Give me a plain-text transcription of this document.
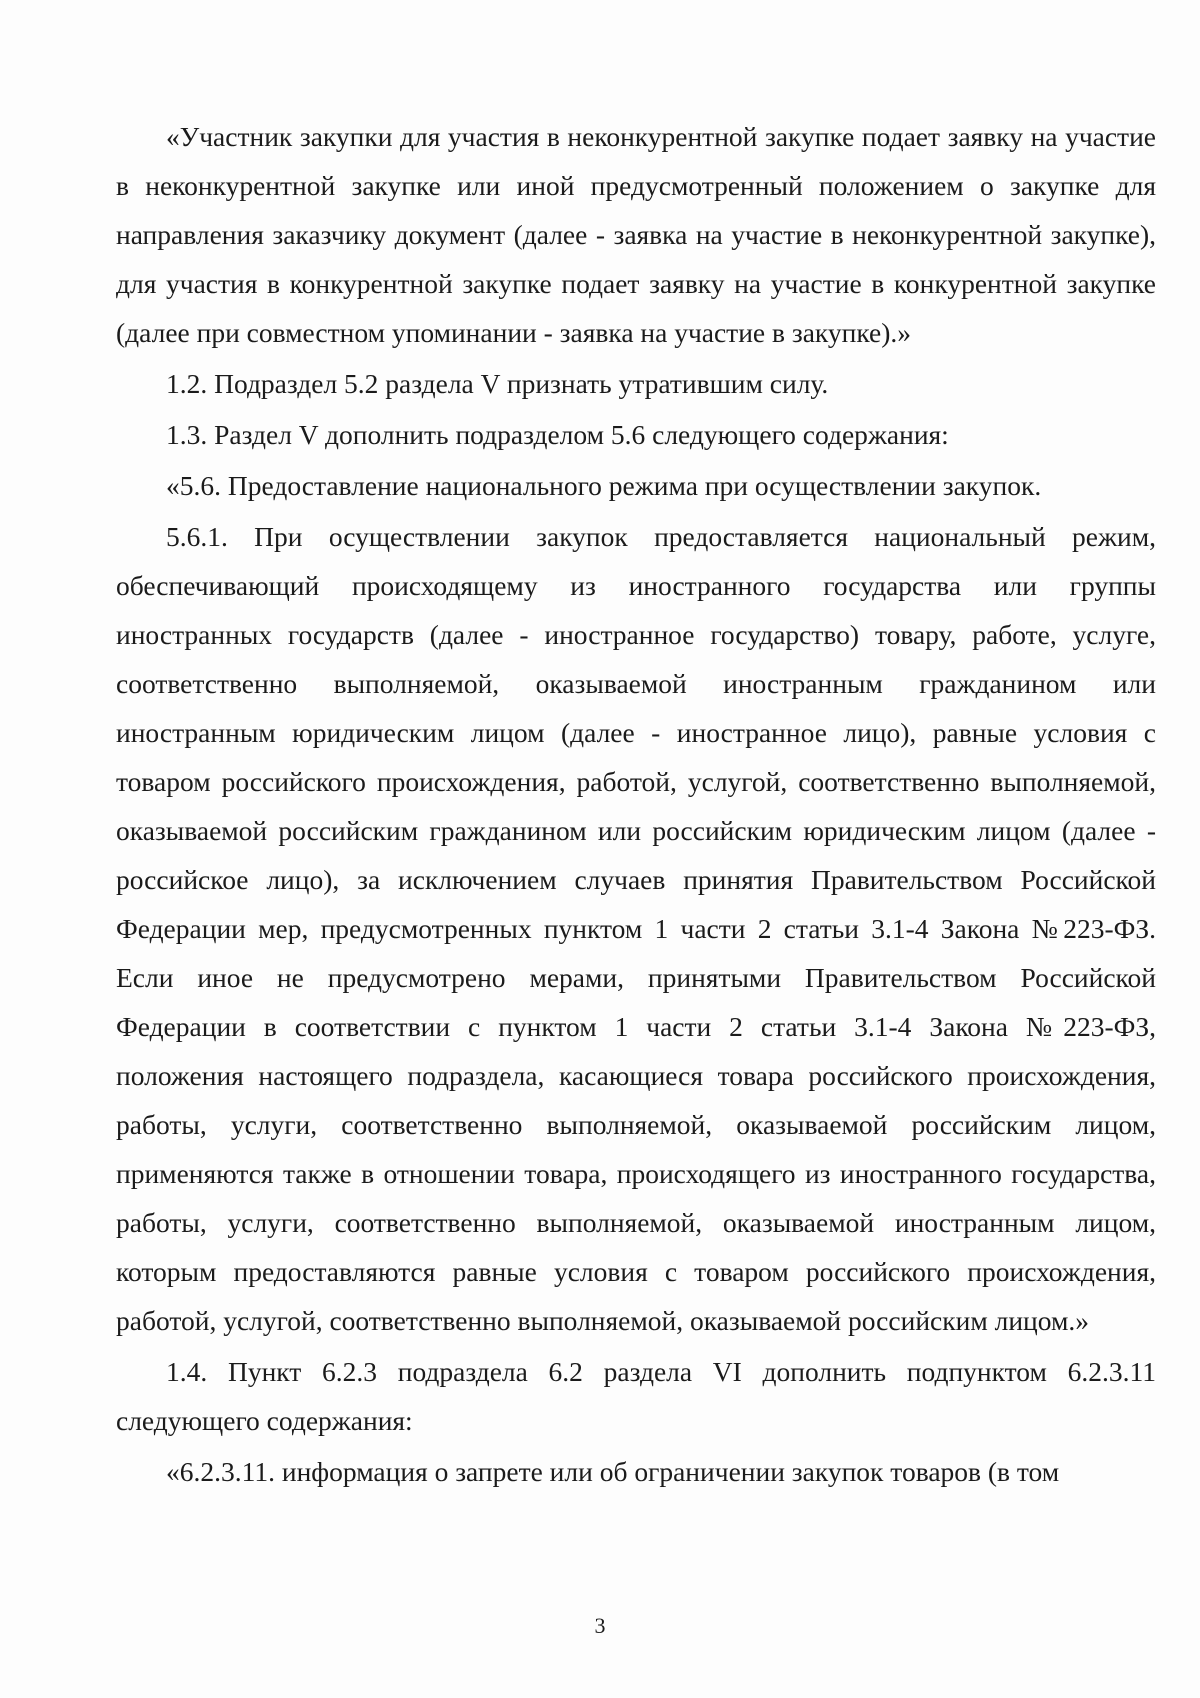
«Участник закупки для участия в неконкурентной закупке подает заявку на участие в неконкурентной закупке или иной предусмотренный положением о закупке для направления заказчику документ (далее - заявка на участие в неконкурентной закупке), для участия в конкурентной закупке подает заявку на участие в конкурентной закупке (далее при совместном упоминании - заявка на участие в закупке).»

1.2. Подраздел 5.2 раздела V признать утратившим силу.

1.3. Раздел V дополнить подразделом 5.6 следующего содержания:

«5.6. Предоставление национального режима при осуществлении закупок.

5.6.1. При осуществлении закупок предоставляется национальный режим, обеспечивающий происходящему из иностранного государства или группы иностранных государств (далее - иностранное государство) товару, работе, услуге, соответственно выполняемой, оказываемой иностранным гражданином или иностранным юридическим лицом (далее - иностранное лицо), равные условия с товаром российского происхождения, работой, услугой, соответственно выполняемой, оказываемой российским гражданином или российским юридическим лицом (далее - российское лицо), за исключением случаев принятия Правительством Российской Федерации мер, предусмотренных пунктом 1 части 2 статьи 3.1-4 Закона №223-ФЗ. Если иное не предусмотрено мерами, принятыми Правительством Российской Федерации в соответствии с пунктом 1 части 2 статьи 3.1-4 Закона №223-ФЗ, положения настоящего подраздела, касающиеся товара российского происхождения, работы, услуги, соответственно выполняемой, оказываемой российским лицом, применяются также в отношении товара, происходящего из иностранного государства, работы, услуги, соответственно выполняемой, оказываемой иностранным лицом, которым предоставляются равные условия с товаром российского происхождения, работой, услугой, соответственно выполняемой, оказываемой российским лицом.»

1.4. Пункт 6.2.3 подраздела 6.2 раздела VI дополнить подпунктом 6.2.3.11 следующего содержания:

«6.2.3.11. информация о запрете или об ограничении закупок товаров (в том

3
